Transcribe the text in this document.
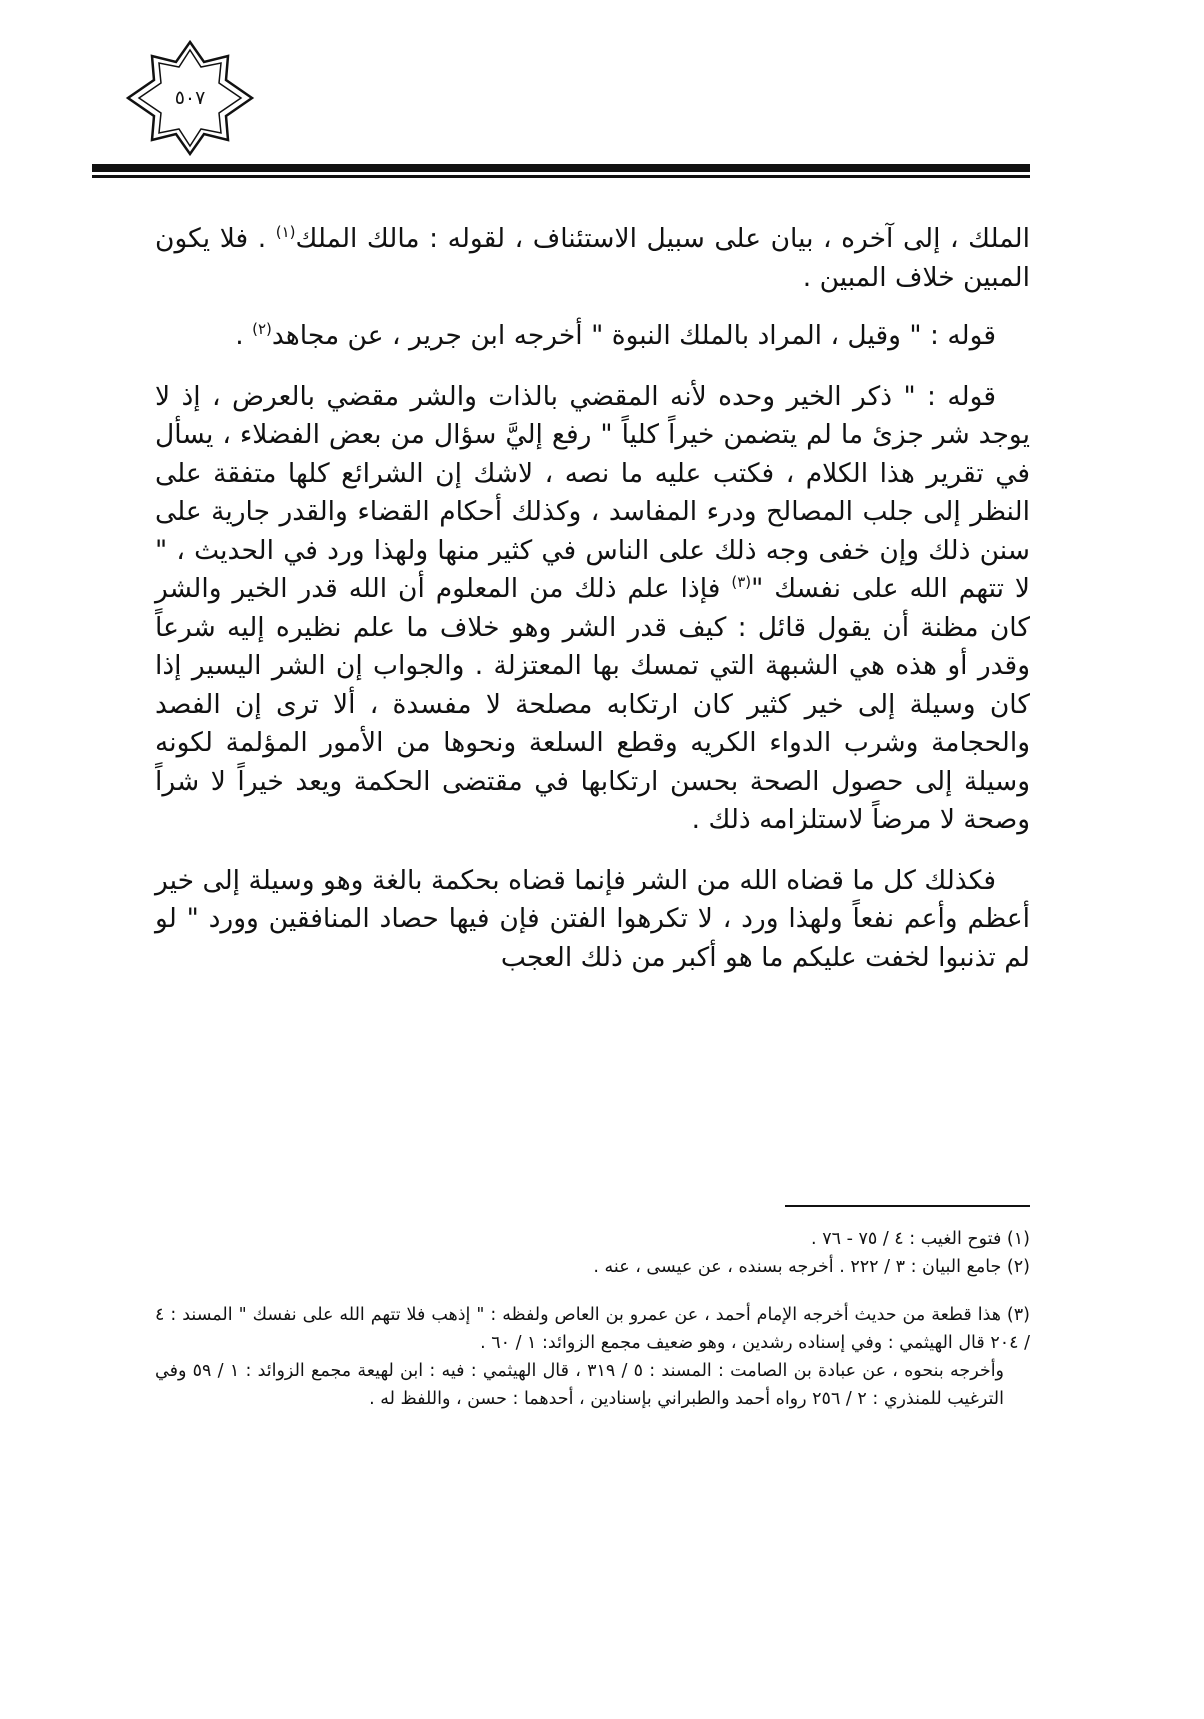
٥٠٧

الملك ، إلى آخره ، بيان على سبيل الاستئناف ، لقوله : مالك الملك$^{(١)}$ . فلا يكون المبين خلاف المبين .

قوله : " وقيل ، المراد بالملك النبوة " أخرجه ابن جرير ، عن مجاهد$^{(٢)}$ .

قوله : " ذكر الخير وحده لأنه المقضي بالذات والشر مقضي بالعرض ، إذ لا يوجد شر جزئ ما لم يتضمن خيراً كلياً " رفع إليَّ سؤال من بعض الفضلاء ، يسأل في تقرير هذا الكلام ، فكتب عليه ما نصه ، لاشك إن الشرائع كلها متفقة على النظر إلى جلب المصالح ودرء المفاسد ، وكذلك أحكام القضاء والقدر جارية على سنن ذلك وإن خفى وجه ذلك على الناس في كثير منها ولهذا ورد في الحديث ، " لا تتهم الله على نفسك "$^{(٣)}$ فإذا علم ذلك من المعلوم أن الله قدر الخير والشر كان مظنة أن يقول قائل : كيف قدر الشر وهو خلاف ما علم نظيره إليه شرعاً وقدر أو هذه هي الشبهة التي تمسك بها المعتزلة . والجواب إن الشر اليسير إذا كان وسيلة إلى خير كثير كان ارتكابه مصلحة لا مفسدة ، ألا ترى إن الفصد والحجامة وشرب الدواء الكريه وقطع السلعة ونحوها من الأمور المؤلمة لكونه وسيلة إلى حصول الصحة بحسن ارتكابها في مقتضى الحكمة ويعد خيراً لا شراً وصحة لا مرضاً لاستلزامه ذلك .

فكذلك كل ما قضاه الله من الشر فإنما قضاه بحكمة بالغة وهو وسيلة إلى خير أعظم وأعم نفعاً ولهذا ورد ، لا تكرهوا الفتن فإن فيها حصاد المنافقين وورد " لو لم تذنبوا لخفت عليكم ما هو أكبر من ذلك العجب

(١) فتوح الغيب : ٤ / ٧٥ - ٧٦ .

(٢) جامع البيان : ٣ / ٢٢٢ . أخرجه بسنده ، عن عيسى ، عنه .

(٣) هذا قطعة من حديث أخرجه الإمام أحمد ، عن عمرو بن العاص ولفظه : " إذهب فلا تتهم الله على نفسك " المسند : ٤ / ٢٠٤ قال الهيثمي : وفي إسناده رشدين ، وهو ضعيف مجمع الزوائد: ١ / ٦٠ .

وأخرجه بنحوه ، عن عبادة بن الصامت : المسند : ٥ / ٣١٩ ، قال الهيثمي : فيه : ابن لهيعة مجمع الزوائد : ١ / ٥٩ وفي الترغيب للمنذري : ٢ / ٢٥٦ رواه أحمد والطبراني بإسنادين ، أحدهما : حسن ، واللفظ له .
